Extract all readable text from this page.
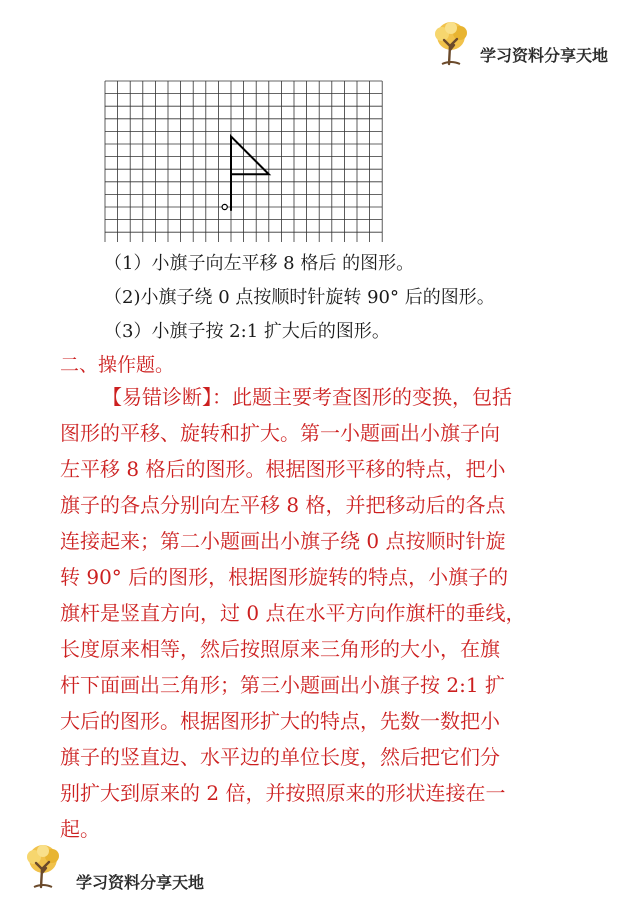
学习资料分享天地
（1）小旗子向左平移 8 格后 的图形。
（2)小旗子绕 0 点按顺时针旋转 90° 后的图形。
（3）小旗子按 2:1 扩大后的图形。
二、操作题。
【易错诊断】：此题主要考查图形的变换，包括
图形的平移、旋转和扩大。第一小题画出小旗子向
左平移 8 格后的图形。根据图形平移的特点，把小
旗子的各点分别向左平移 8 格，并把移动后的各点
连接起来；第二小题画出小旗子绕 0 点按顺时针旋
转 90° 后的图形，根据图形旋转的特点，小旗子的
旗杆是竖直方向，过 0 点在水平方向作旗杆的垂线，
长度原来相等，然后按照原来三角形的大小，在旗
杆下面画出三角形；第三小题画出小旗子按 2:1 扩
大后的图形。根据图形扩大的特点，先数一数把小
旗子的竖直边、水平边的单位长度，然后把它们分
别扩大到原来的 2 倍，并按照原来的形状连接在一
起。
学习资料分享天地
